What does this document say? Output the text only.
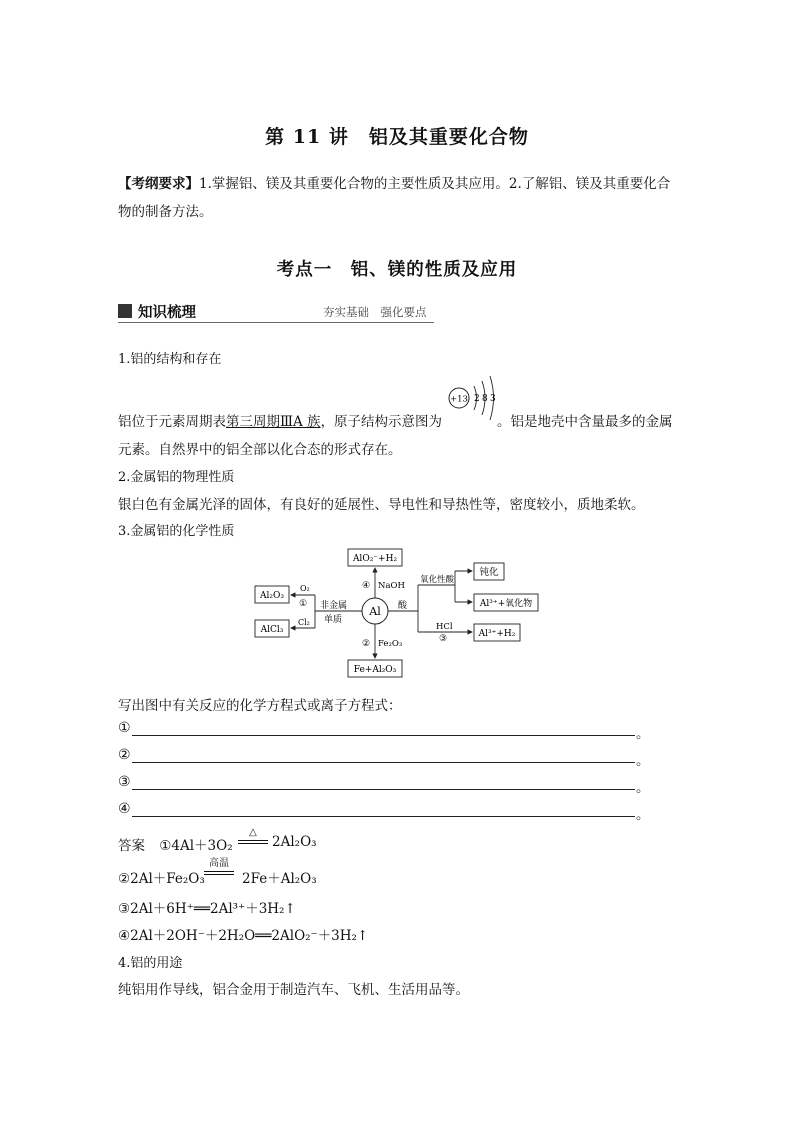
第 11 讲　铝及其重要化合物
【考纲要求】1.掌握铝、镁及其重要化合物的主要性质及其应用。2.了解铝、镁及其重要化合
物的制备方法。
考点一　铝、镁的性质及应用
知识梳理	夯实基础　强化要点
1.铝的结构和存在
+13 2 8 3
铝位于元素周期表第三周期ⅢA 族，原子结构示意图为	。铝是地壳中含量最多的金属
元素。自然界中的铝全部以化合态的形式存在。
2.金属铝的物理性质
银白色有金属光泽的固体，有良好的延展性、导电性和导热性等，密度较小，质地柔软。
3.金属铝的化学性质
Al
AlO₂⁻+H₂
④ NaOH
② Fe₂O₃
Fe+Al₂O₃
Al₂O₃
AlCl₃
O₂
①
Cl₂
非金属
单质
酸
氧化性酸
钝化
Al³⁺+氧化物
HCl
③	Al³⁺+H₂
写出图中有关反应的化学方程式或离子方程式：
①	。
②	。
③	。
④	。
答案 ①4Al＋3O₂
△
2Al₂O₃
②2Al＋Fe₂O₃
高温
2Fe＋Al₂O₃
③2Al＋6H⁺══2Al³⁺＋3H₂↑
④2Al＋2OH⁻＋2H₂O══2AlO₂⁻＋3H₂↑
4.铝的用途
纯铝用作导线，铝合金用于制造汽车、飞机、生活用品等。
